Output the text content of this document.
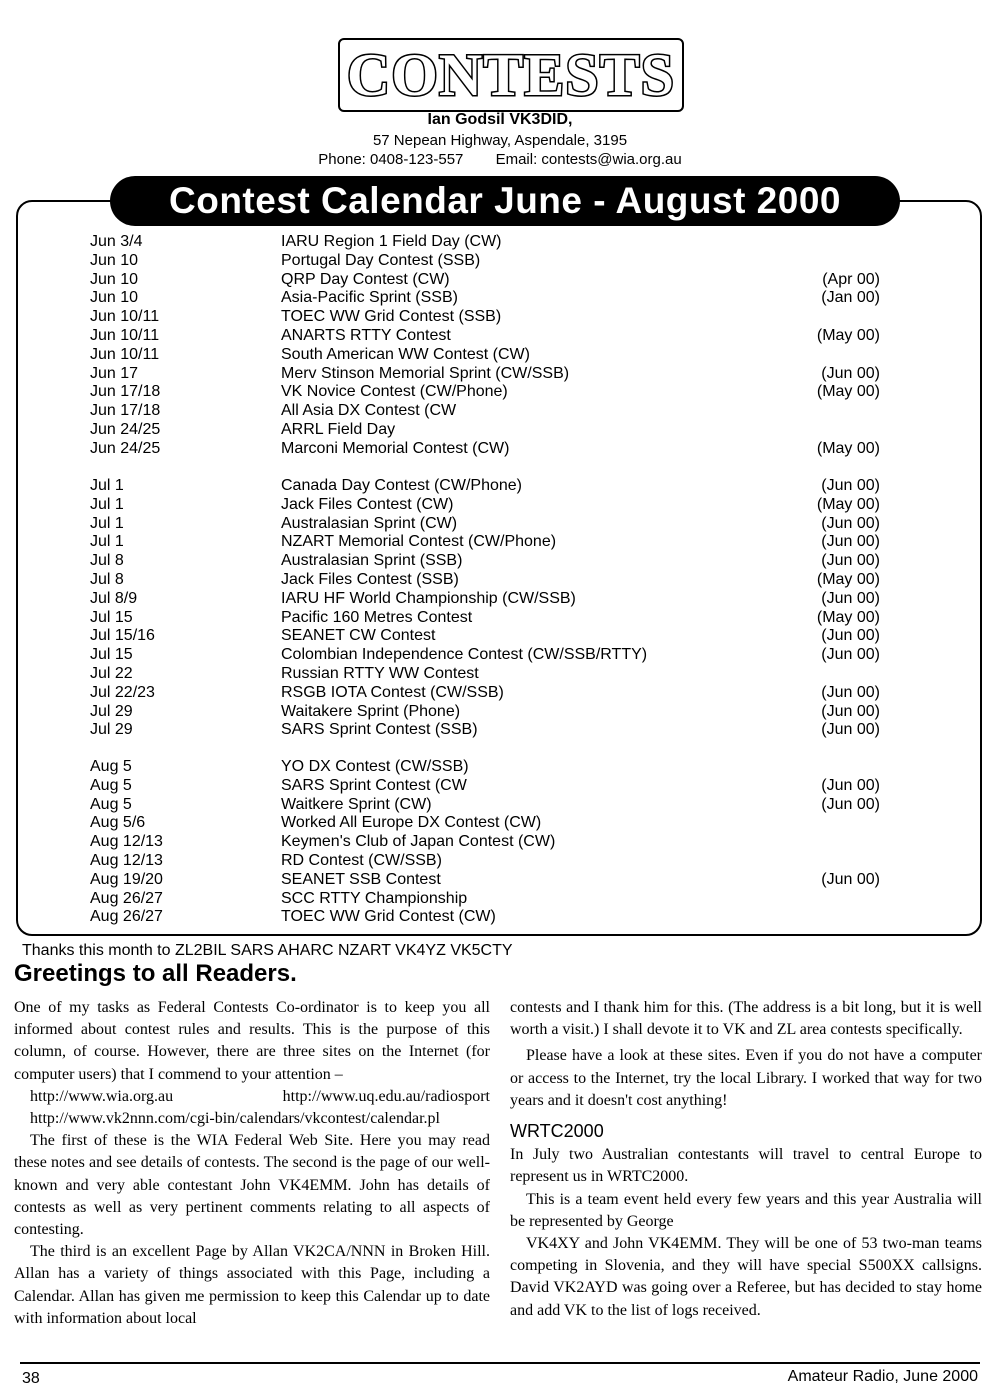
CONTESTS
Ian Godsil VK3DID,
57 Nepean Highway, Aspendale, 3195
Phone: 0408-123-557 Email: contests@wia.org.au
Contest Calendar June - August 2000
Jun 3/4	IARU Region 1 Field Day (CW)
Jun 10	Portugal Day Contest (SSB)
Jun 10	QRP Day Contest (CW)	(Apr 00)
Jun 10	Asia-Pacific Sprint (SSB)	(Jan 00)
Jun 10/11	TOEC WW Grid Contest (SSB)
Jun 10/11	ANARTS RTTY Contest	(May 00)
Jun 10/11	South American WW Contest (CW)
Jun 17	Merv Stinson Memorial Sprint (CW/SSB)	(Jun 00)
Jun 17/18	VK Novice Contest (CW/Phone)	(May 00)
Jun 17/18	All Asia DX Contest (CW
Jun 24/25	ARRL Field Day
Jun 24/25	Marconi Memorial Contest (CW)	(May 00)
Jul 1	Canada Day Contest (CW/Phone)	(Jun 00)
Jul 1	Jack Files Contest (CW)	(May 00)
Jul 1	Australasian Sprint (CW)	(Jun 00)
Jul 1	NZART Memorial Contest (CW/Phone)	(Jun 00)
Jul 8	Australasian Sprint (SSB)	(Jun 00)
Jul 8	Jack Files Contest (SSB)	(May 00)
Jul 8/9	IARU HF World Championship (CW/SSB)	(Jun 00)
Jul 15	Pacific 160 Metres Contest	(May 00)
Jul 15/16	SEANET CW Contest	(Jun 00)
Jul 15	Colombian Independence Contest (CW/SSB/RTTY)	(Jun 00)
Jul 22	Russian RTTY WW Contest
Jul 22/23	RSGB IOTA Contest (CW/SSB)	(Jun 00)
Jul 29	Waitakere Sprint (Phone)	(Jun 00)
Jul 29	SARS Sprint Contest (SSB)	(Jun 00)
Aug 5	YO DX Contest (CW/SSB)
Aug 5	SARS Sprint Contest (CW	(Jun 00)
Aug 5	Waitkere Sprint (CW)	(Jun 00)
Aug 5/6	Worked All Europe DX Contest (CW)
Aug 12/13	Keymen's Club of Japan Contest (CW)
Aug 12/13	RD Contest (CW/SSB)
Aug 19/20	SEANET SSB Contest	(Jun 00)
Aug 26/27	SCC RTTY Championship
Aug 26/27	TOEC WW Grid Contest (CW)
Thanks this month to ZL2BIL SARS AHARC NZART VK4YZ VK5CTY
Greetings to all Readers.

One of my tasks as Federal Contests Co-ordinator is to keep you all informed about contest rules and results. This is the purpose of this column, of course. However, there are three sites on the Internet (for computer users) that I commend to your attention –

http://www.wia.org.au	http://www.uq.edu.au/radiosport

http://www.vk2nnn.com/cgi-bin/calendars/vkcontest/calendar.pl

The first of these is the WIA Federal Web Site. Here you may read these notes and see details of contests. The second is the page of our well-known and very able contestant John VK4EMM. John has details of contests as well as very pertinent comments relating to all aspects of contesting.

The third is an excellent Page by Allan VK2CA/NNN in Broken Hill. Allan has a variety of things associated with this Page, including a Calendar. Allan has given me permission to keep this Calendar up to date with information about local

contests and I thank him for this. (The address is a bit long, but it is well worth a visit.) I shall devote it to VK and ZL area contests specifically.

Please have a look at these sites. Even if you do not have a computer or access to the Internet, try the local Library. I worked that way for two years and it doesn't cost anything!

WRTC2000

In July two Australian contestants will travel to central Europe to represent us in WRTC2000.

This is a team event held every few years and this year Australia will be represented by George

VK4XY and John VK4EMM. They will be one of 53 two-man teams competing in Slovenia, and they will have special S500XX callsigns. David VK2AYD was going over a Referee, but has decided to stay home and add VK to the list of logs received.

38	Amateur Radio, June 2000
